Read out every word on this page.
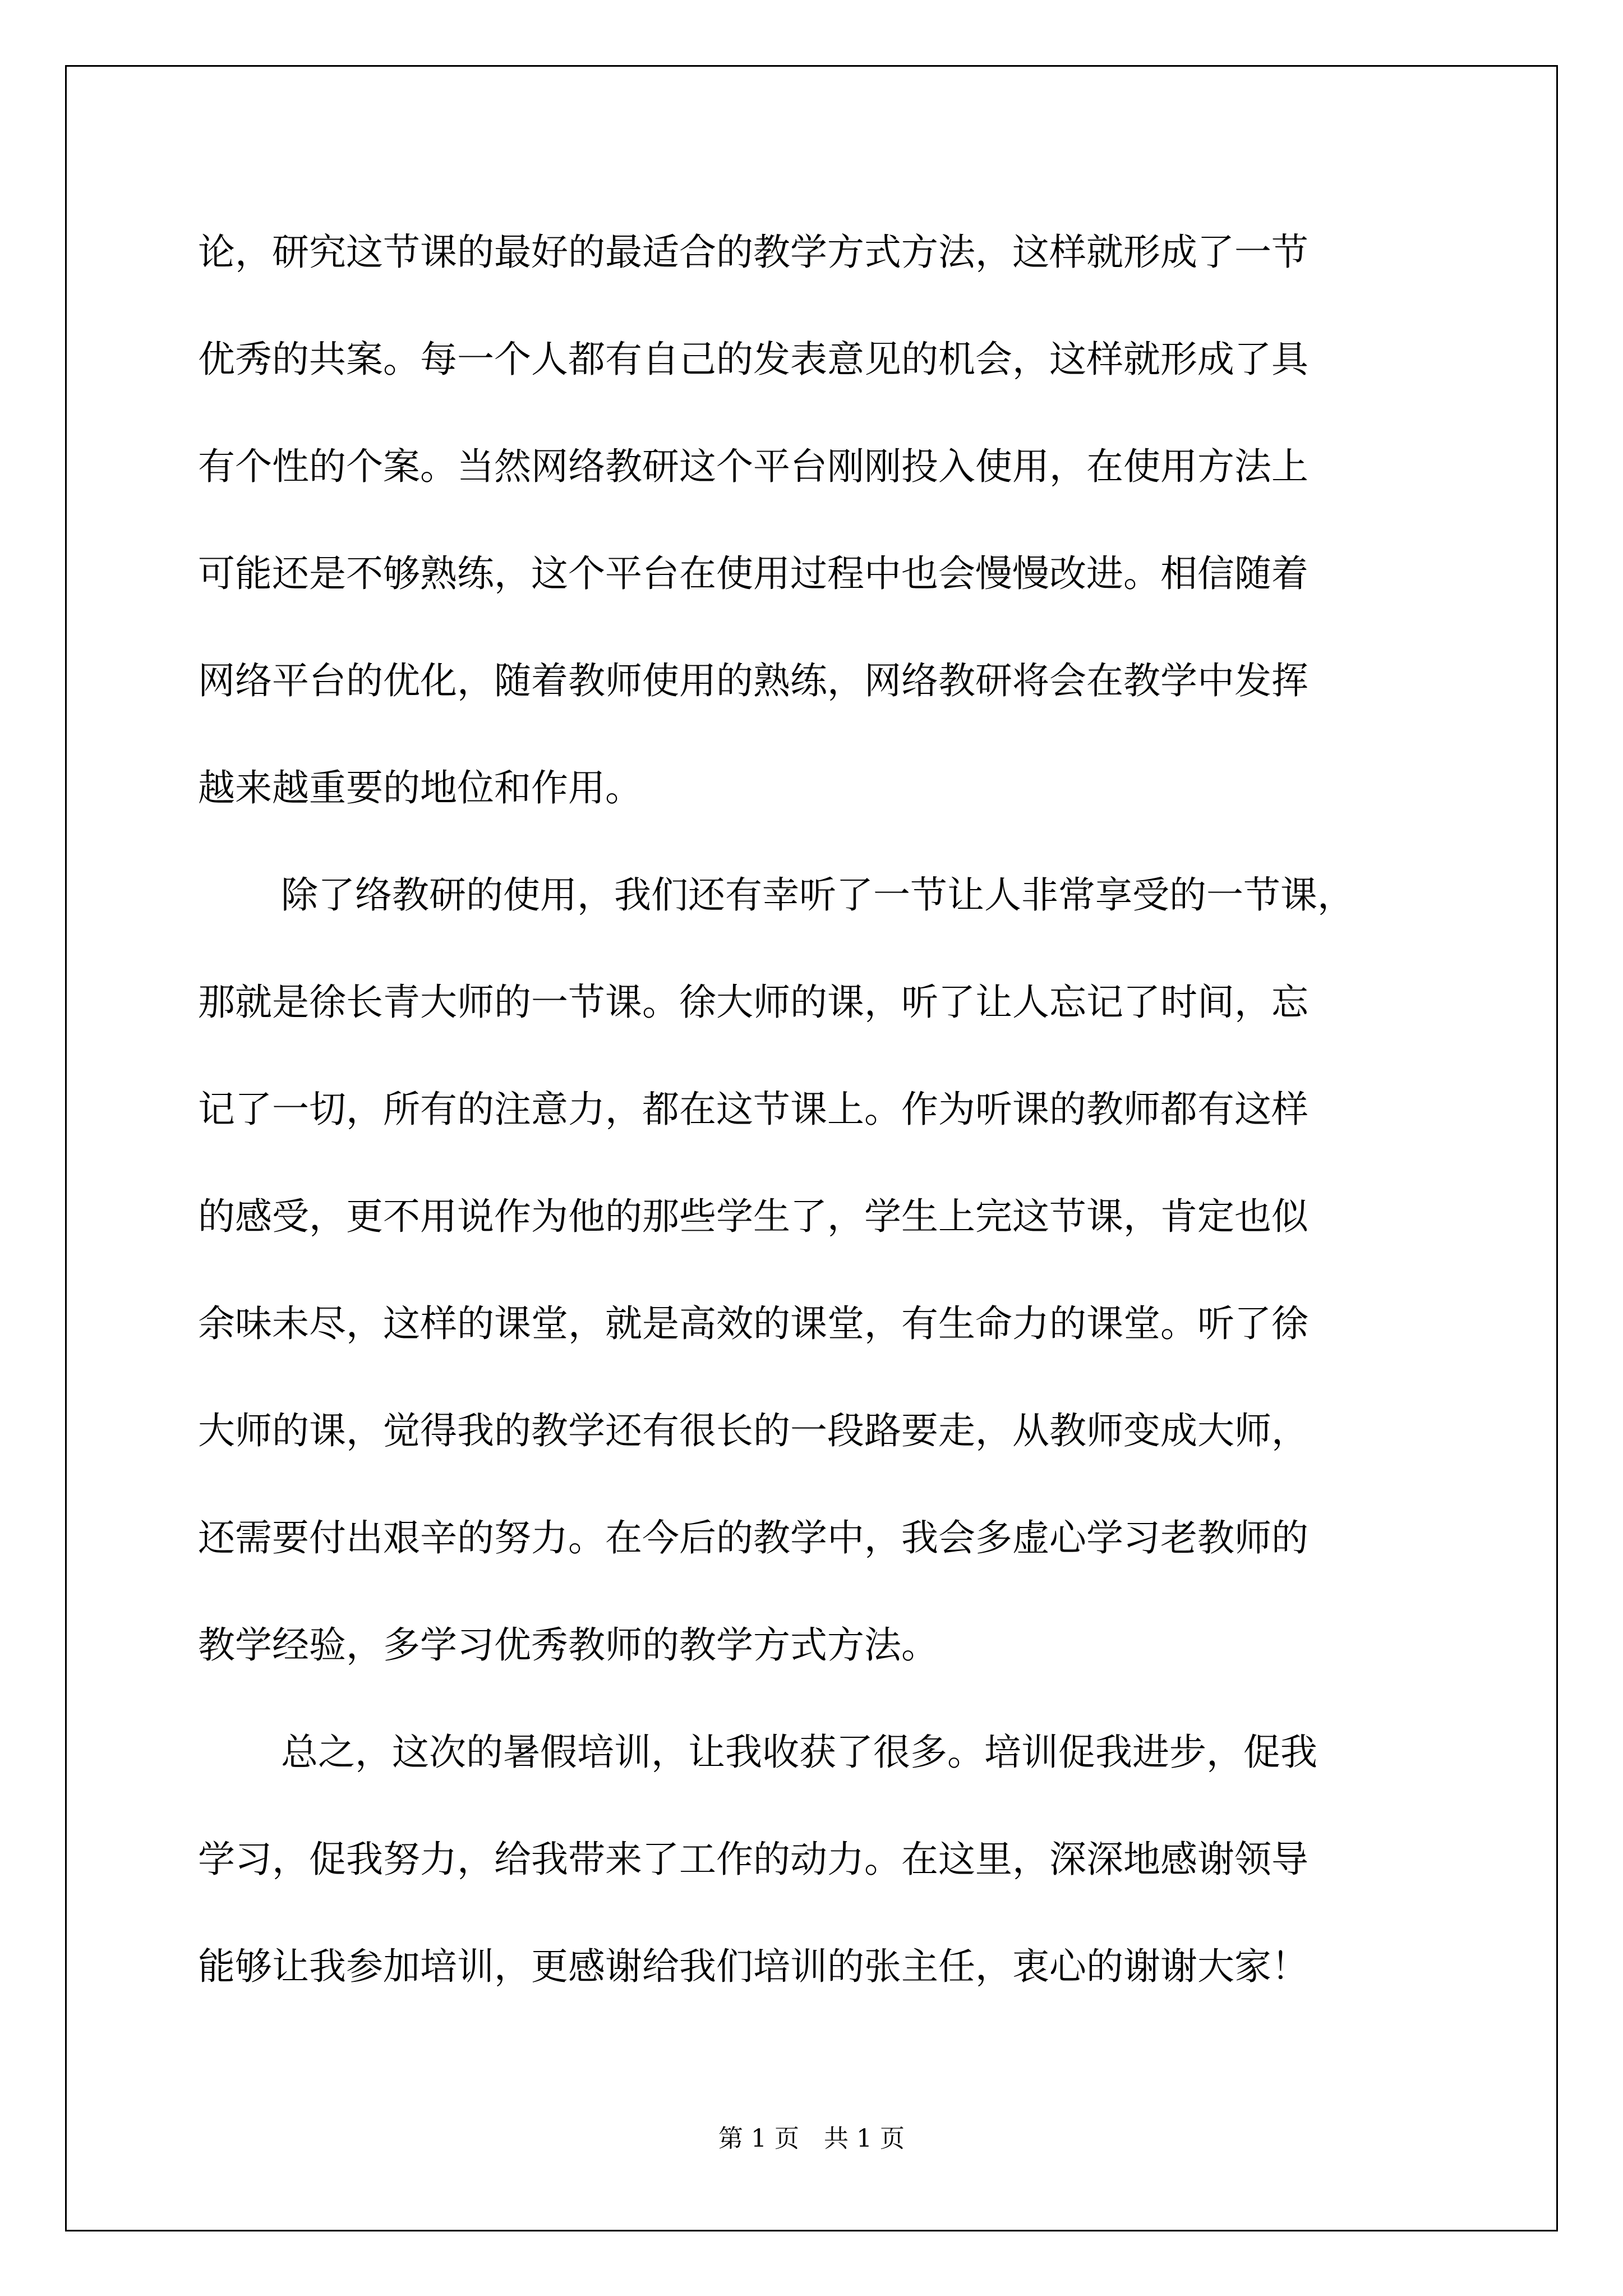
论，研究这节课的最好的最适合的教学方式方法，这样就形成了一节
优秀的共案。每一个人都有自己的发表意见的机会，这样就形成了具
有个性的个案。当然网络教研这个平台刚刚投入使用，在使用方法上
可能还是不够熟练，这个平台在使用过程中也会慢慢改进。相信随着
网络平台的优化，随着教师使用的熟练，网络教研将会在教学中发挥
越来越重要的地位和作用。
除了络教研的使用，我们还有幸听了一节让人非常享受的一节课，
那就是徐长青大师的一节课。徐大师的课，听了让人忘记了时间，忘
记了一切，所有的注意力，都在这节课上。作为听课的教师都有这样
的感受，更不用说作为他的那些学生了，学生上完这节课，肯定也似
余味未尽，这样的课堂，就是高效的课堂，有生命力的课堂。听了徐
大师的课，觉得我的教学还有很长的一段路要走，从教师变成大师，
还需要付出艰辛的努力。在今后的教学中，我会多虚心学习老教师的
教学经验，多学习优秀教师的教学方式方法。
总之，这次的暑假培训，让我收获了很多。培训促我进步，促我
学习，促我努力，给我带来了工作的动力。在这里，深深地感谢领导
能够让我参加培训，更感谢给我们培训的张主任，衷心的谢谢大家！
第 1 页　共 1 页
